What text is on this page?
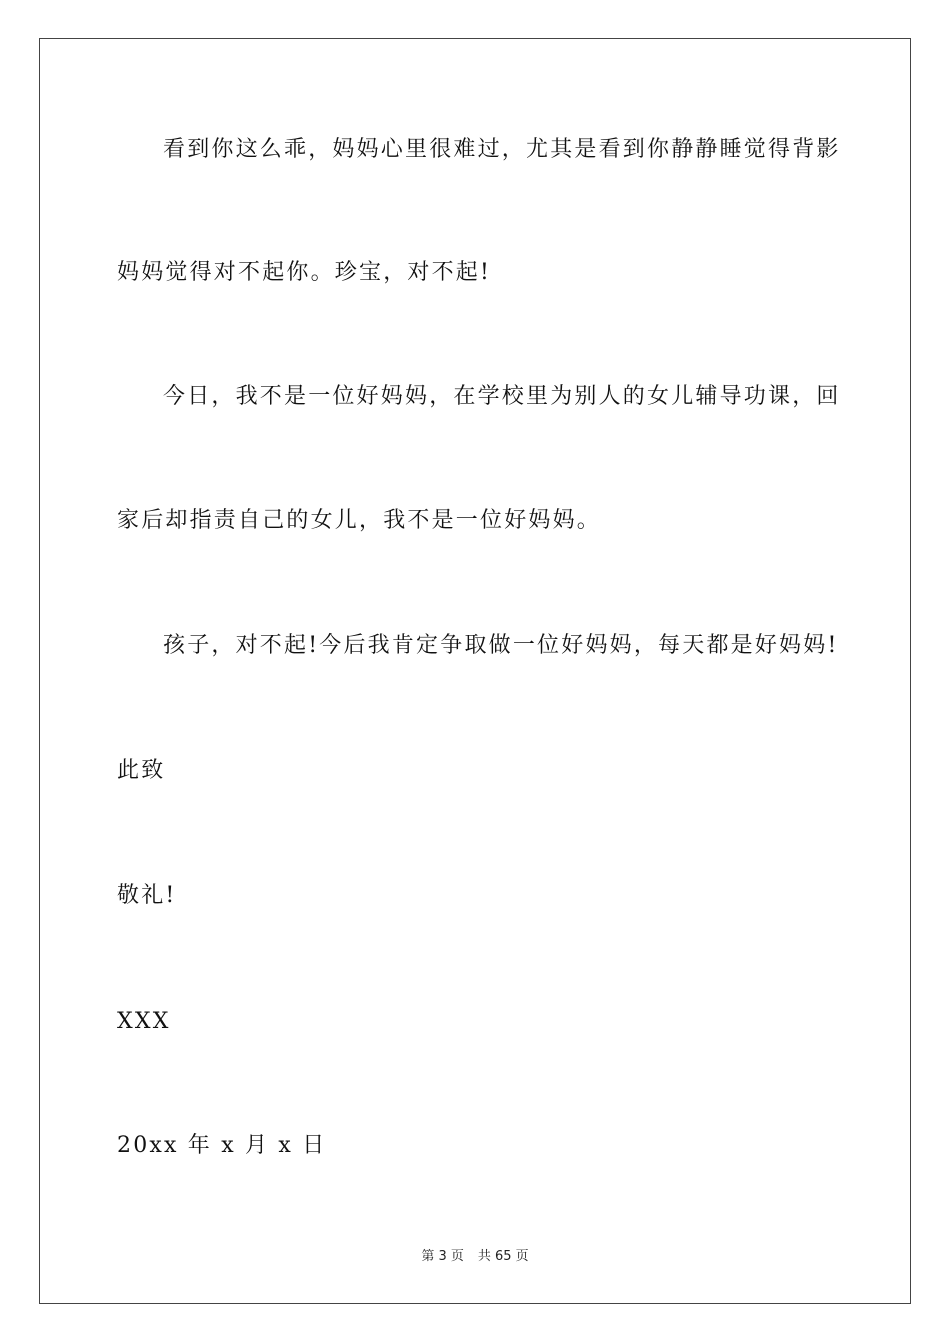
看到你这么乖，妈妈心里很难过，尤其是看到你静静睡觉得背影
妈妈觉得对不起你。珍宝，对不起!
今日，我不是一位好妈妈，在学校里为别人的女儿辅导功课，回
家后却指责自己的女儿，我不是一位好妈妈。
孩子，对不起!今后我肯定争取做一位好妈妈，每天都是好妈妈!
此致
敬礼!
XXX
20xx 年 x 月 x 日
第 3 页 共 65 页
